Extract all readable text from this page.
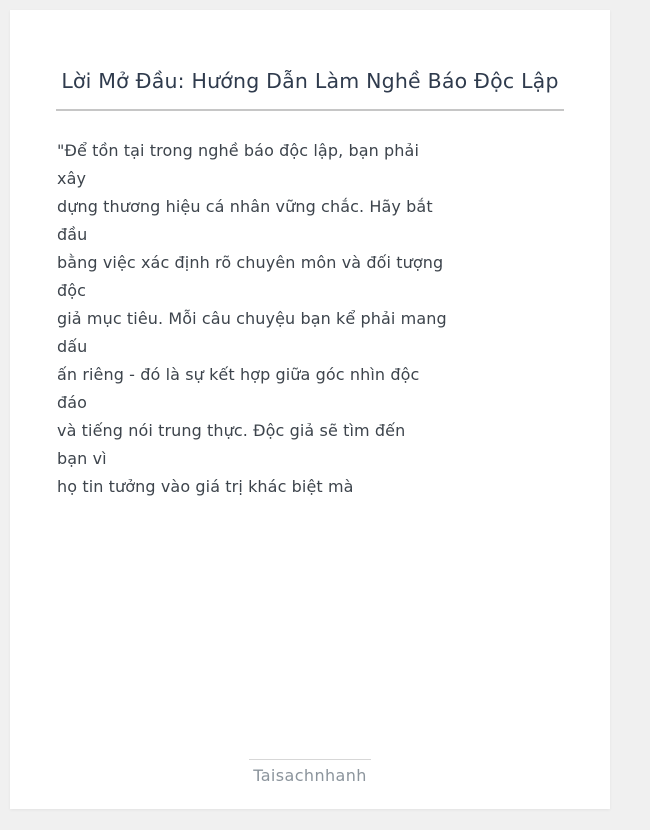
Lời Mở Đầu: Hướng Dẫn Làm Nghề Báo Độc Lập
"Để tồn tại trong nghề báo độc lập, bạn phải
xây
dựng thương hiệu cá nhân vững chắc. Hãy bắt
đầu
bằng việc xác định rõ chuyên môn và đối tượng
độc
giả mục tiêu. Mỗi câu chuyệu bạn kể phải mang
dấu
ấn riêng - đó là sự kết hợp giữa góc nhìn độc
đáo
và tiếng nói trung thực. Độc giả sẽ tìm đến
bạn vì
họ tin tưởng vào giá trị khác biệt mà
Taisachnhanh
